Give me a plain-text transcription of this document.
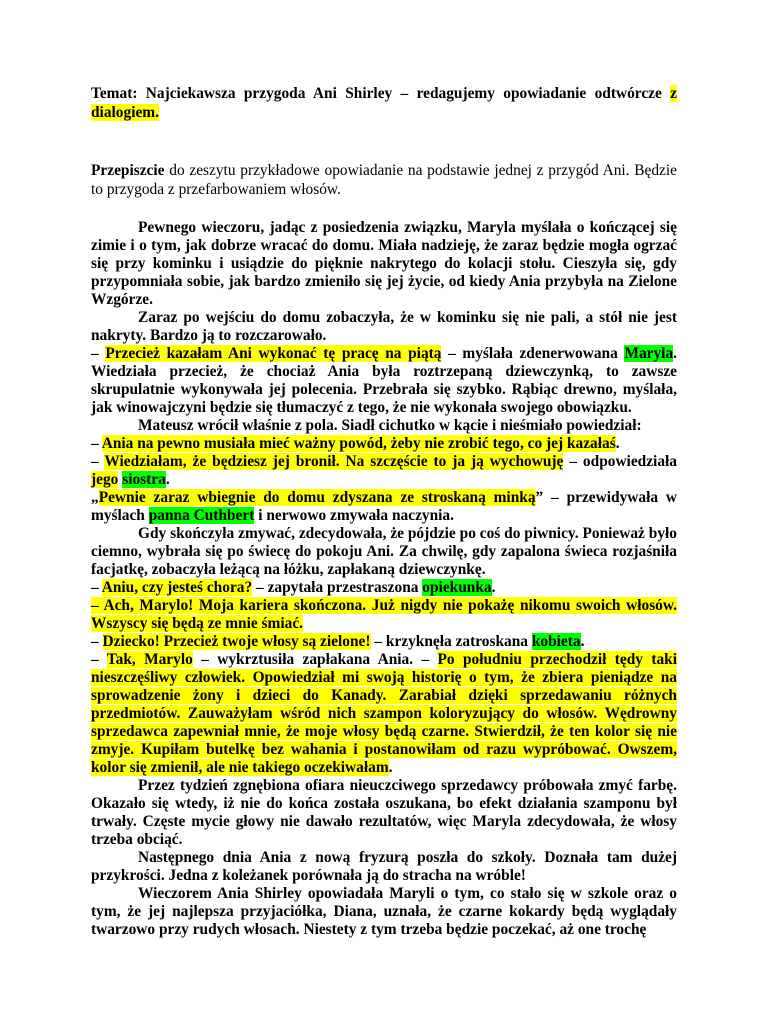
Temat: Najciekawsza przygoda Ani Shirley – redagujemy opowiadanie odtwórcze z dialogiem.

Przepiszcie do zeszytu przykładowe opowiadanie na podstawie jednej z przygód Ani. Będzie to przygoda z przefarbowaniem włosów.

Pewnego wieczoru, jadąc z posiedzenia związku, Maryla myślała o kończącej się zimie i o tym, jak dobrze wracać do domu. Miała nadzieję, że zaraz będzie mogła ogrzać się przy kominku i usiądzie do pięknie nakrytego do kolacji stołu. Cieszyła się, gdy przypomniała sobie, jak bardzo zmieniło się jej życie, od kiedy Ania przybyła na Zielone Wzgórze.

Zaraz po wejściu do domu zobaczyła, że w kominku się nie pali, a stół nie jest nakryty. Bardzo ją to rozczarowało.

– Przecież kazałam Ani wykonać tę pracę na piątą – myślała zdenerwowana Maryla. Wiedziała przecież, że chociaż Ania była roztrzepaną dziewczynką, to zawsze skrupulatnie wykonywała jej polecenia. Przebrała się szybko. Rąbiąc drewno, myślała, jak winowajczyni będzie się tłumaczyć z tego, że nie wykonała swojego obowiązku.

Mateusz wrócił właśnie z pola. Siadł cichutko w kącie i nieśmiało powiedział:

– Ania na pewno musiała mieć ważny powód, żeby nie zrobić tego, co jej kazałaś.

– Wiedziałam, że będziesz jej bronił. Na szczęście to ja ją wychowuję – odpowiedziała jego siostra.

„Pewnie zaraz wbiegnie do domu zdyszana ze stroskaną minką” – przewidywała w myślach panna Cuthbert i nerwowo zmywała naczynia.

Gdy skończyła zmywać, zdecydowała, że pójdzie po coś do piwnicy. Ponieważ było ciemno, wybrała się po świecę do pokoju Ani. Za chwilę, gdy zapalona świeca rozjaśniła facjatkę, zobaczyła leżącą na łóżku, zapłakaną dziewczynkę.

– Aniu, czy jesteś chora? – zapytała przestraszona opiekunka.

– Ach, Marylo! Moja kariera skończona. Już nigdy nie pokażę nikomu swoich włosów. Wszyscy się będą ze mnie śmiać.

– Dziecko! Przecież twoje włosy są zielone! – krzyknęła zatroskana kobieta.

– Tak, Marylo – wykrztusiła zapłakana Ania. – Po południu przechodził tędy taki nieszczęśliwy człowiek. Opowiedział mi swoją historię o tym, że zbiera pieniądze na sprowadzenie żony i dzieci do Kanady. Zarabiał dzięki sprzedawaniu różnych przedmiotów. Zauważyłam wśród nich szampon koloryzujący do włosów. Wędrowny sprzedawca zapewniał mnie, że moje włosy będą czarne. Stwierdził, że ten kolor się nie zmyje. Kupiłam butelkę bez wahania i postanowiłam od razu wypróbować. Owszem, kolor się zmienił, ale nie takiego oczekiwałam.

Przez tydzień zgnębiona ofiara nieuczciwego sprzedawcy próbowała zmyć farbę. Okazało się wtedy, iż nie do końca została oszukana, bo efekt działania szamponu był trwały. Częste mycie głowy nie dawało rezultatów, więc Maryla zdecydowała, że włosy trzeba obciąć.

Następnego dnia Ania z nową fryzurą poszła do szkoły. Doznała tam dużej przykrości. Jedna z koleżanek porównała ją do stracha na wróble!

Wieczorem Ania Shirley opowiadała Maryli o tym, co stało się w szkole oraz o tym, że jej najlepsza przyjaciółka, Diana, uznała, że czarne kokardy będą wyglądały twarzowo przy rudych włosach. Niestety z tym trzeba będzie poczekać, aż one trochę
